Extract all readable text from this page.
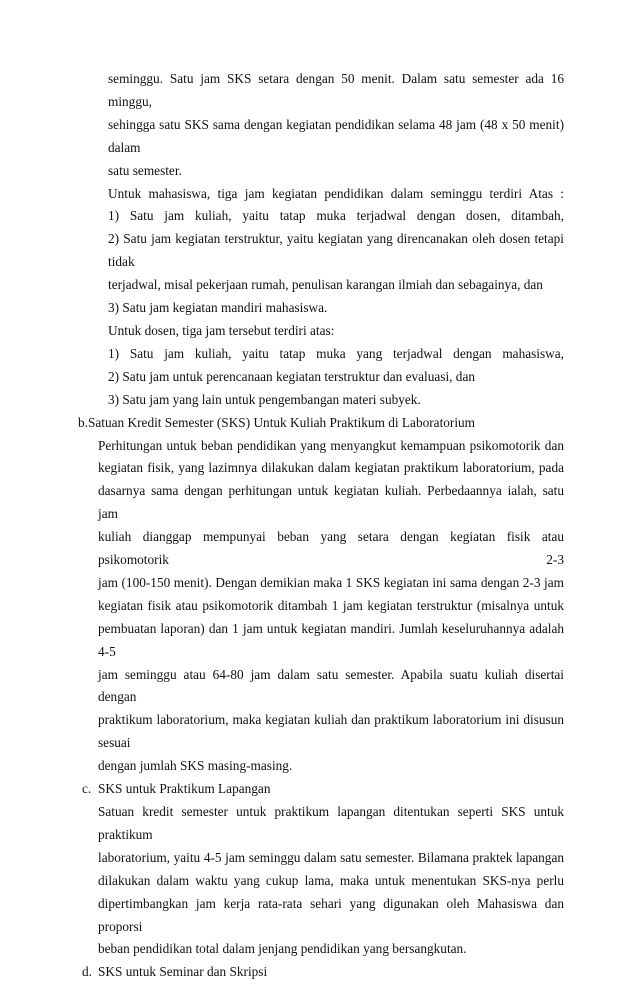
seminggu. Satu jam SKS setara dengan 50 menit. Dalam satu semester ada 16 minggu,
sehingga satu SKS sama dengan kegiatan pendidikan selama 48 jam (48 x 50 menit) dalam
satu semester.
Untuk mahasiswa, tiga jam kegiatan pendidikan dalam seminggu terdiri Atas :
1) Satu jam kuliah, yaitu tatap muka terjadwal dengan dosen, ditambah,
2) Satu jam kegiatan terstruktur, yaitu kegiatan yang direncanakan oleh dosen tetapi tidak
terjadwal, misal pekerjaan rumah, penulisan karangan ilmiah dan sebagainya, dan
3) Satu jam kegiatan mandiri mahasiswa.
Untuk dosen, tiga jam tersebut terdiri atas:
1) Satu jam kuliah, yaitu tatap muka yang terjadwal dengan mahasiswa,
2) Satu jam untuk perencanaan kegiatan terstruktur dan evaluasi, dan
3) Satu jam yang lain untuk pengembangan materi subyek.
b. Satuan Kredit Semester (SKS) Untuk Kuliah Praktikum di Laboratorium
Perhitungan untuk beban pendidikan yang menyangkut kemampuan psikomotorik dan
kegiatan fisik, yang lazimnya dilakukan dalam kegiatan praktikum laboratorium, pada
dasarnya sama dengan perhitungan untuk kegiatan kuliah. Perbedaannya ialah, satu jam
kuliah dianggap mempunyai beban yang setara dengan kegiatan fisik atau psikomotorik 2-3
jam (100-150 menit). Dengan demikian maka 1 SKS kegiatan ini sama dengan 2-3 jam
kegiatan fisik atau psikomotorik ditambah 1 jam kegiatan terstruktur (misalnya untuk
pembuatan laporan) dan 1 jam untuk kegiatan mandiri. Jumlah keseluruhannya adalah 4-5
jam seminggu atau 64-80 jam dalam satu semester. Apabila suatu kuliah disertai dengan
praktikum laboratorium, maka kegiatan kuliah dan praktikum laboratorium ini disusun sesuai
dengan jumlah SKS masing-masing.
c. SKS untuk Praktikum Lapangan
Satuan kredit semester untuk praktikum lapangan ditentukan seperti SKS untuk praktikum
laboratorium, yaitu 4-5 jam seminggu dalam satu semester. Bilamana praktek lapangan
dilakukan dalam waktu yang cukup lama, maka untuk menentukan SKS-nya perlu
dipertimbangkan jam kerja rata-rata sehari yang digunakan oleh Mahasiswa dan proporsi
beban pendidikan total dalam jenjang pendidikan yang bersangkutan.
d. SKS untuk Seminar dan Skripsi
